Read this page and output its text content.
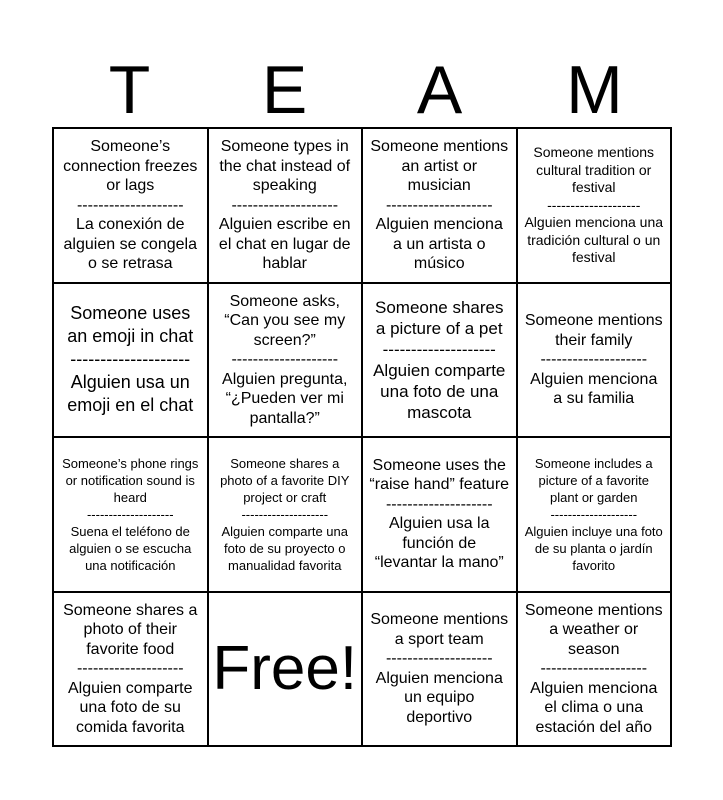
T	E	A	M
Someone’s connection freezes or lags
--------------------
La conexión de alguien se congela o se retrasa
Someone types in the chat instead of speaking
--------------------
Alguien escribe en el chat en lugar de hablar
Someone mentions an artist or musician
--------------------
Alguien menciona a un artista o músico
Someone mentions cultural tradition or festival
--------------------
Alguien menciona una tradición cultural o un festival
Someone uses an emoji in chat
--------------------
Alguien usa un emoji en el chat
Someone asks, “Can you see my screen?”
--------------------
Alguien pregunta, “¿Pueden ver mi pantalla?”
Someone shares a picture of a pet
--------------------
Alguien comparte una foto de una mascota
Someone mentions their family
--------------------
Alguien menciona a su familia
Someone’s phone rings or notification sound is heard
--------------------
Suena el teléfono de alguien o se escucha una notificación
Someone shares a photo of a favorite DIY project or craft
--------------------
Alguien comparte una foto de su proyecto o manualidad favorita
Someone uses the “raise hand” feature
--------------------
Alguien usa la función de “levantar la mano”
Someone includes a picture of a favorite plant or garden
--------------------
Alguien incluye una foto de su planta o jardín favorito
Someone shares a photo of their favorite food
--------------------
Alguien comparte una foto de su comida favorita
Free!
Someone mentions a sport team
--------------------
Alguien menciona un equipo deportivo
Someone mentions a weather or season
--------------------
Alguien menciona el clima o una estación del año
